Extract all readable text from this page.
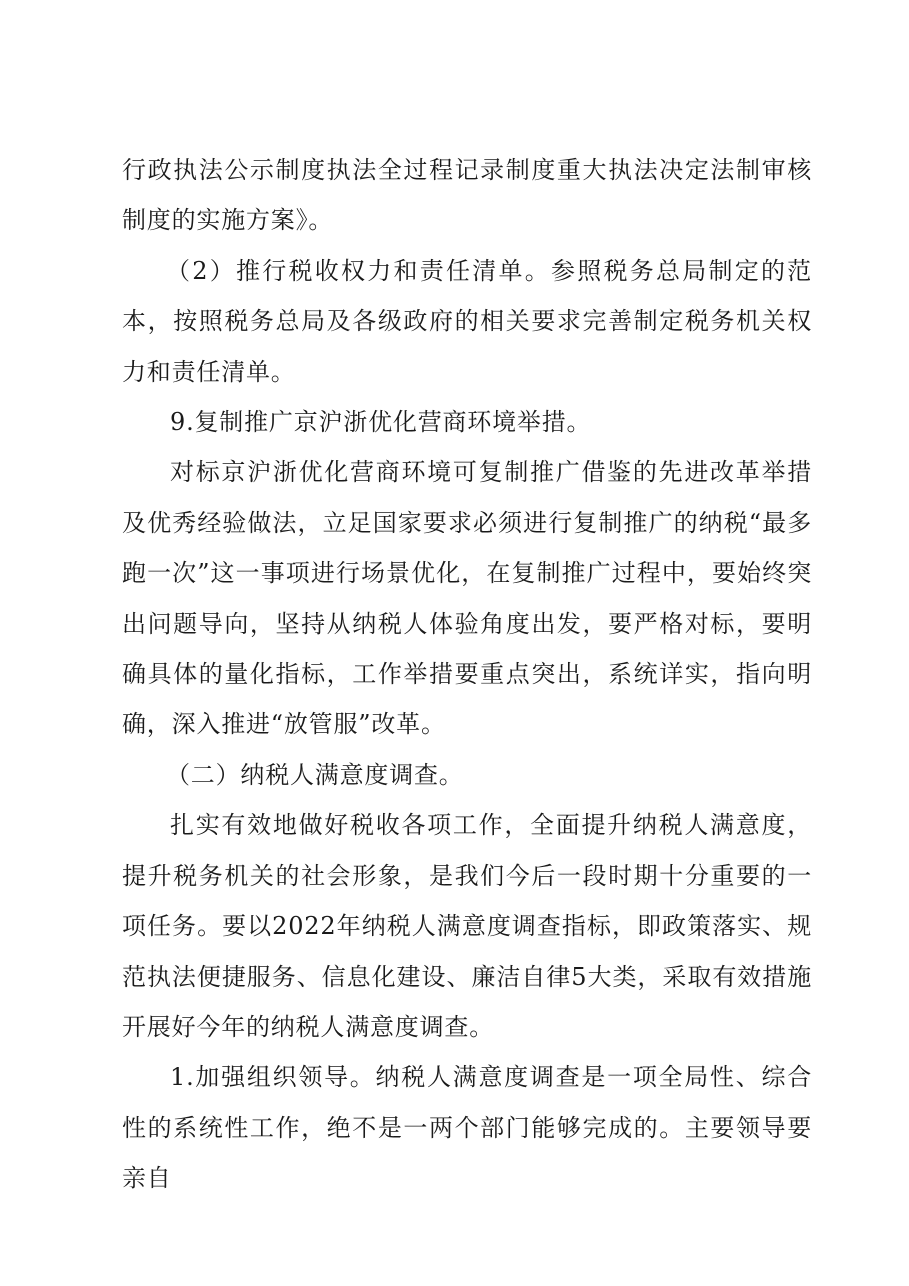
行政执法公示制度执法全过程记录制度重大执法决定法制审核制度的实施方案》。

（2）推行税收权力和责任清单。参照税务总局制定的范本，按照税务总局及各级政府的相关要求完善制定税务机关权力和责任清单。

9.复制推广京沪浙优化营商环境举措。

对标京沪浙优化营商环境可复制推广借鉴的先进改革举措及优秀经验做法，立足国家要求必须进行复制推广的纳税“最多跑一次”这一事项进行场景优化，在复制推广过程中，要始终突出问题导向，坚持从纳税人体验角度出发，要严格对标，要明确具体的量化指标，工作举措要重点突出，系统详实，指向明确，深入推进“放管服”改革。

（二）纳税人满意度调查。

扎实有效地做好税收各项工作，全面提升纳税人满意度，提升税务机关的社会形象，是我们今后一段时期十分重要的一项任务。要以2022年纳税人满意度调查指标，即政策落实、规范执法便捷服务、信息化建设、廉洁自律5大类，采取有效措施开展好今年的纳税人满意度调查。

1.加强组织领导。纳税人满意度调查是一项全局性、综合性的系统性工作，绝不是一两个部门能够完成的。主要领导要亲自
